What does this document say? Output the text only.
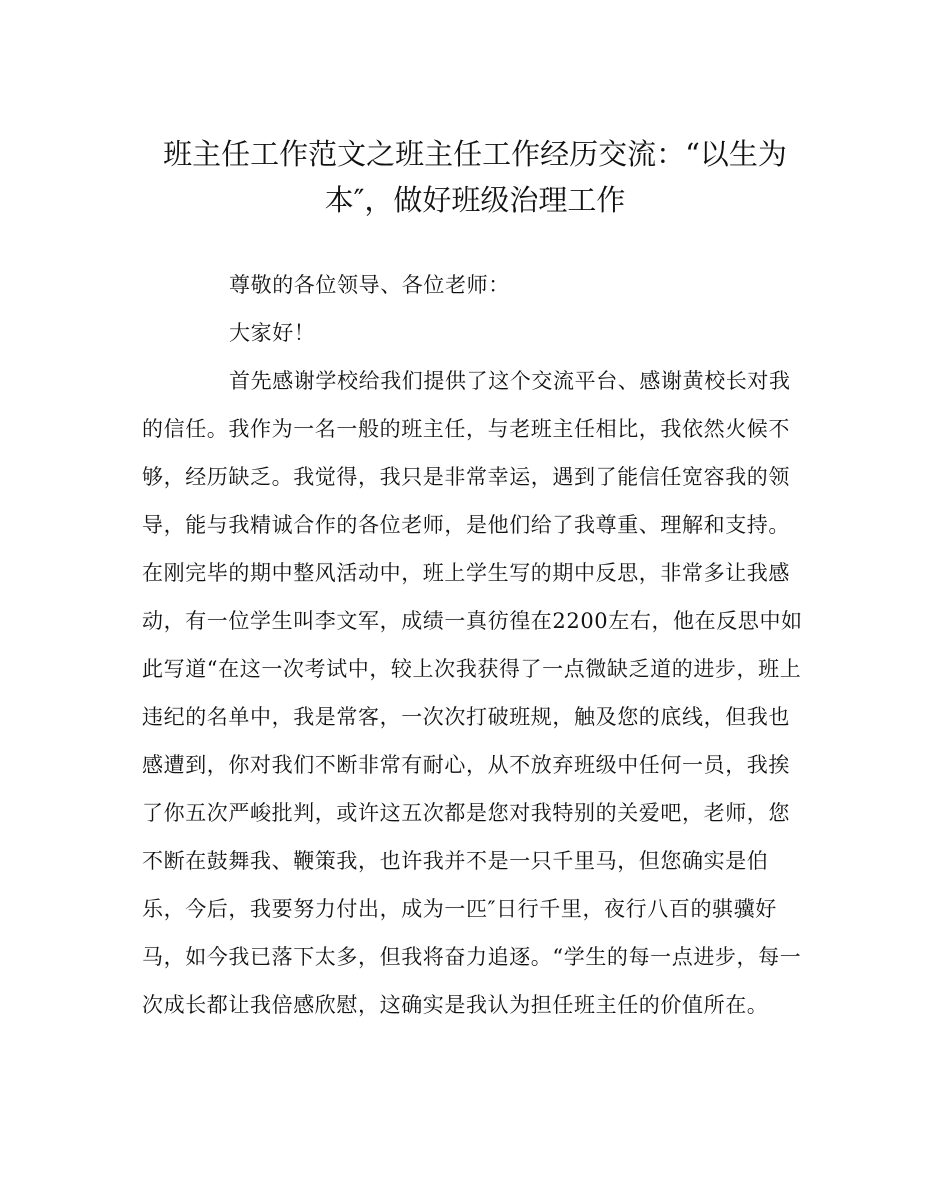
班主任工作范文之班主任工作经历交流：“以生为
本″，做好班级治理工作
尊敬的各位领导、各位老师：
大家好！
首先感谢学校给我们提供了这个交流平台、感谢黄校长对我
的信任。我作为一名一般的班主任，与老班主任相比，我依然火候不
够，经历缺乏。我觉得，我只是非常幸运，遇到了能信任宽容我的领
导，能与我精诚合作的各位老师，是他们给了我尊重、理解和支持。
在刚完毕的期中整风活动中，班上学生写的期中反思，非常多让我感
动，有一位学生叫李文军，成绩一真彷徨在2200左右，他在反思中如
此写道“在这一次考试中，较上次我获得了一点微缺乏道的进步，班上
违纪的名单中，我是常客，一次次打破班规，触及您的底线，但我也
感遭到，你对我们不断非常有耐心，从不放弃班级中任何一员，我挨
了你五次严峻批判，或许这五次都是您对我特别的关爱吧，老师，您
不断在鼓舞我、鞭策我，也许我并不是一只千里马，但您确实是伯
乐，今后，我要努力付出，成为一匹″日行千里，夜行八百的骐骥好
马，如今我已落下太多，但我将奋力追逐。“学生的每一点进步，每一
次成长都让我倍感欣慰，这确实是我认为担任班主任的价值所在。
